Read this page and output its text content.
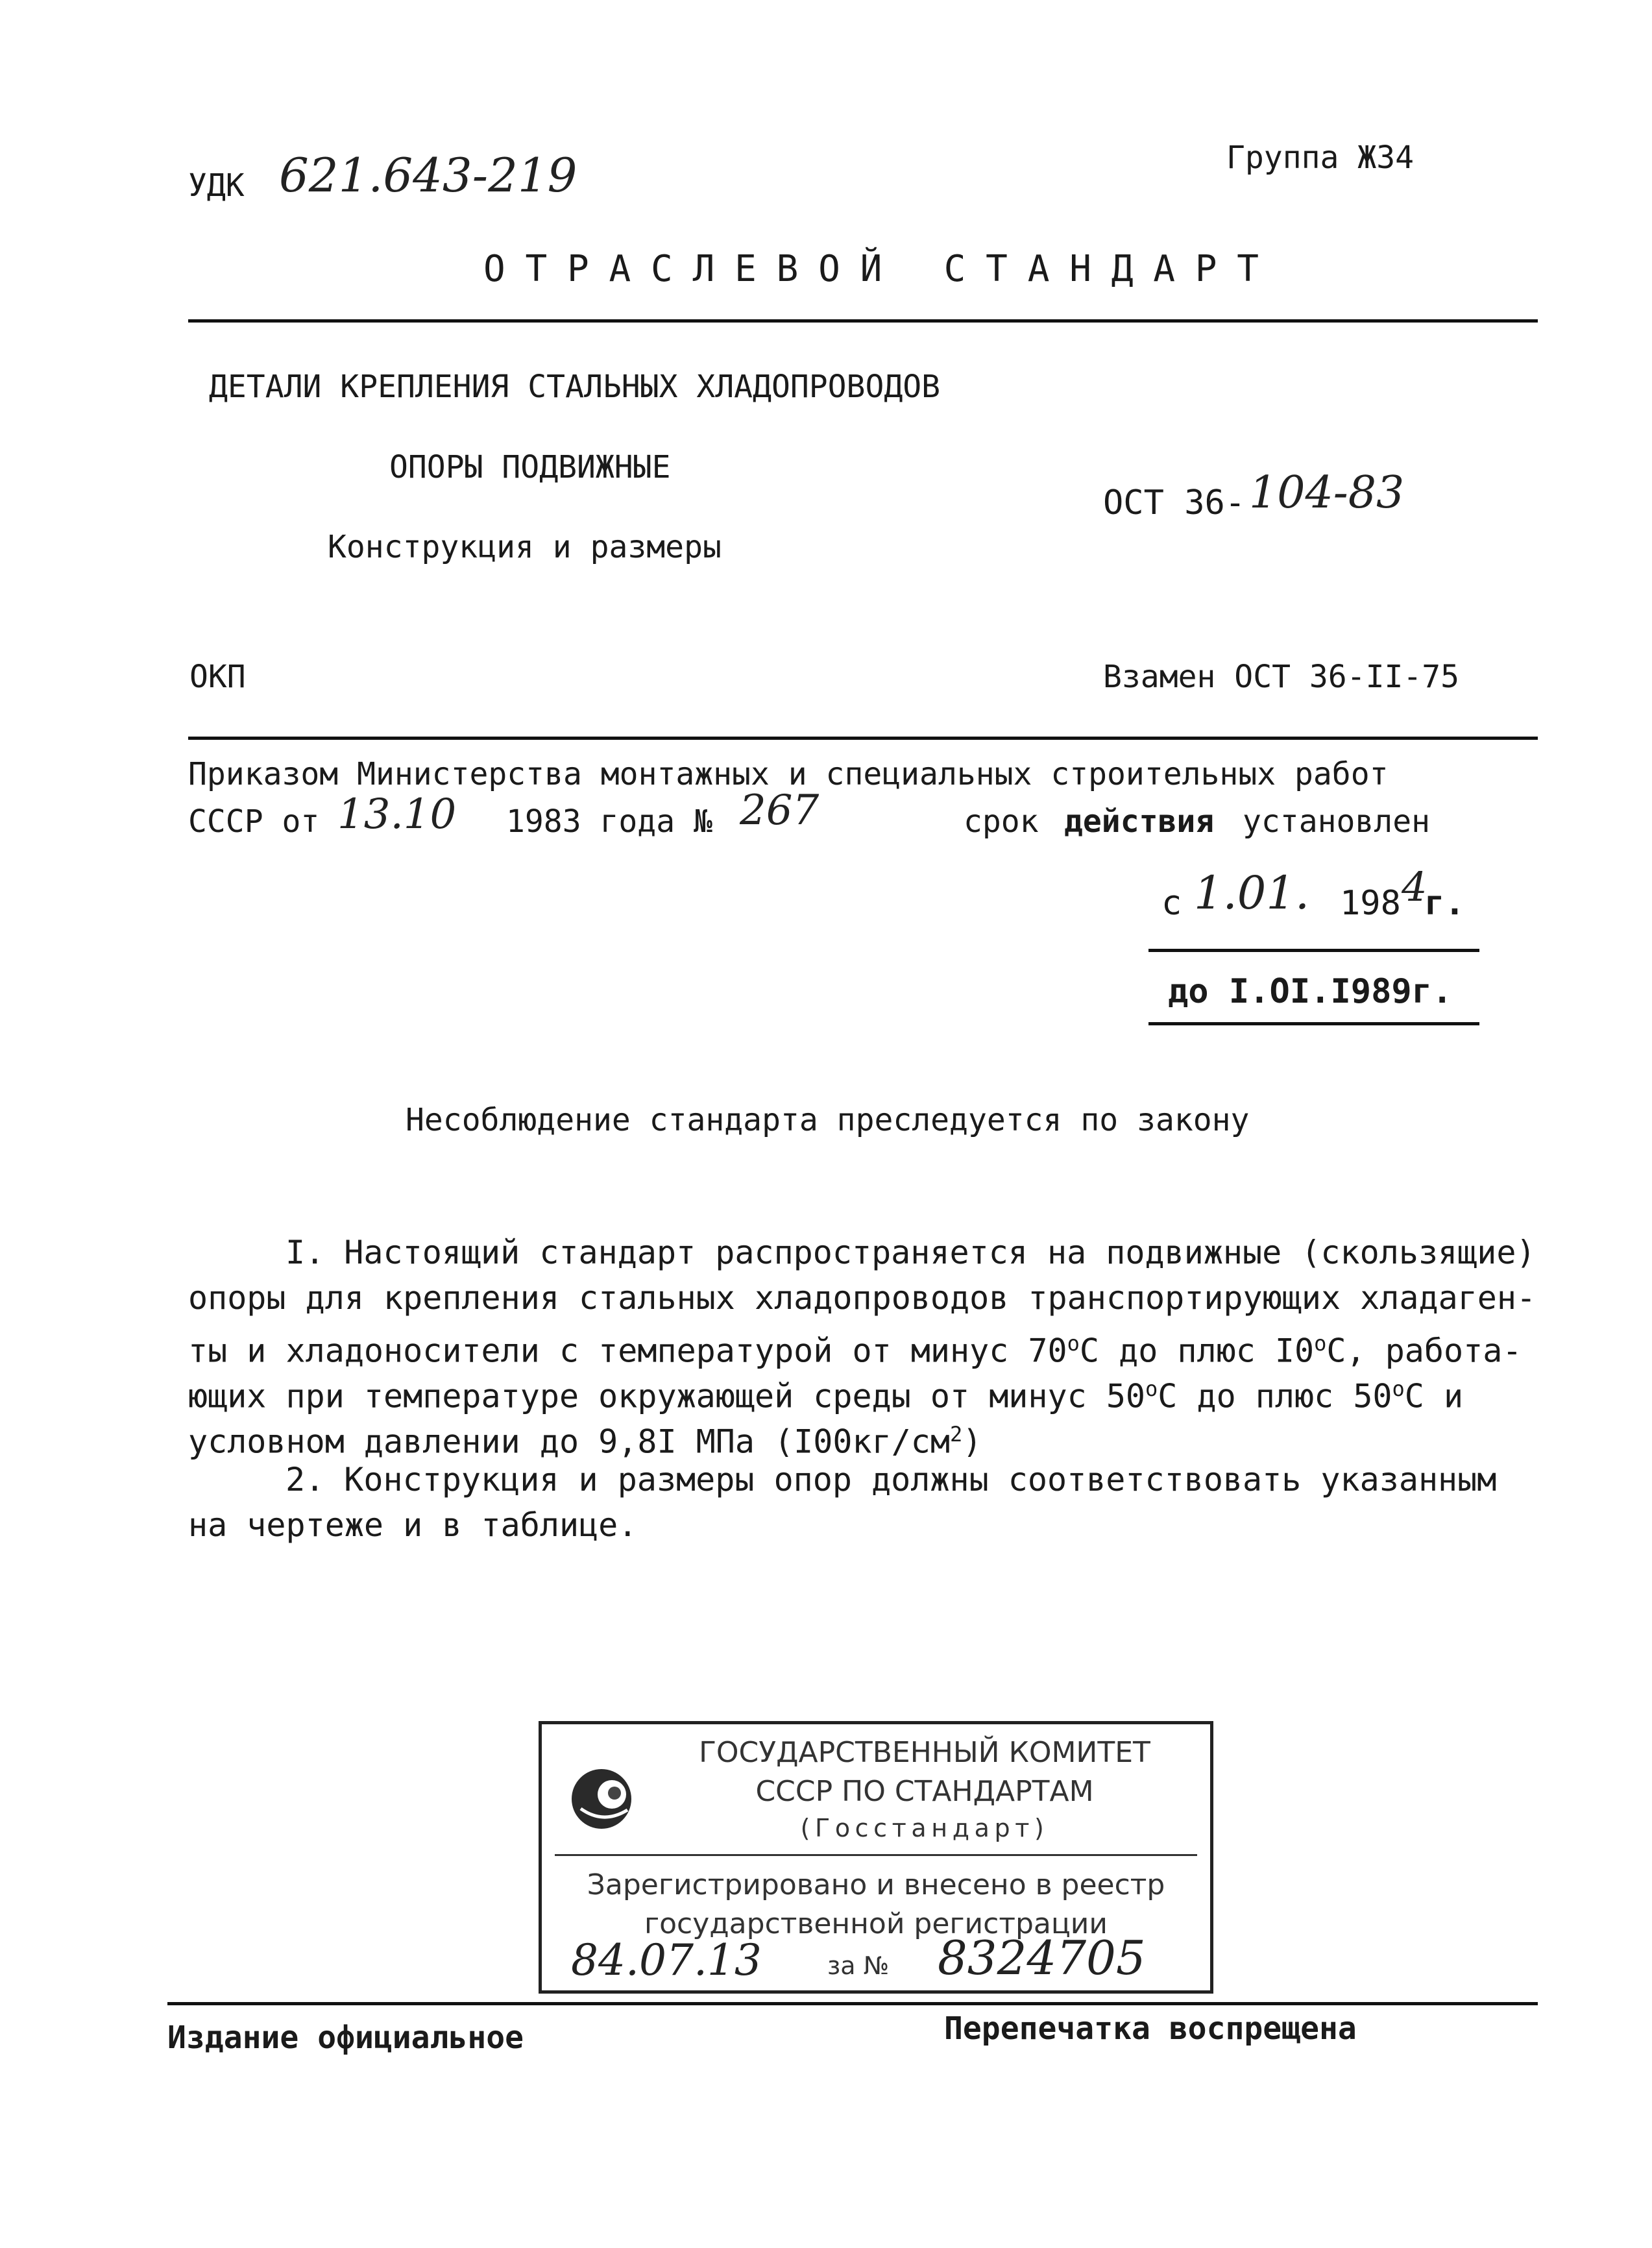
УДК 621.643-219	Группа Ж34
ОТРАСЛЕВОЙ СТАНДАРТ
ДЕТАЛИ КРЕПЛЕНИЯ СТАЛЬНЫХ ХЛАДОПРОВОДОВ
ОПОРЫ ПОДВИЖНЫЕ
Конструкция и размеры
ОСТ 36- 104-83
ОКП	Взамен ОСТ 36-II-75
Приказом Министерства монтажных и специальных строительных работ
СССР от 13.10 1983 года № 267	срок действия установлен
с 1.01. 198 4
г.
до I.OI.I989г.
Несоблюдение стандарта преследуется по закону
I. Настоящий стандарт распространяется на подвижные (скользящие)
опоры для крепления стальных хладопроводов транспортирующих хладаген-
ты и хладоносители с температурой от минус $70^оС$ до плюс $I0^оС$, работа-
ющих при температуре окружающей среды от минус $50^оС$ до плюс $50^оС$ и
условном давлении до 9,8I МПа $(I00кг/см^2)$
2. Конструкция и размеры опор должны соответствовать указанным
на чертеже и в таблице.
ГОСУДАРСТВЕННЫЙ КОМИТЕТ
СССР ПО СТАНДАРТАМ
(Госстандарт)
Зарегистрировано и внесено в реестр
государственной регистрации
84.07.13	за № 8324705
Издание официальное	Перепечатка воспрещена
